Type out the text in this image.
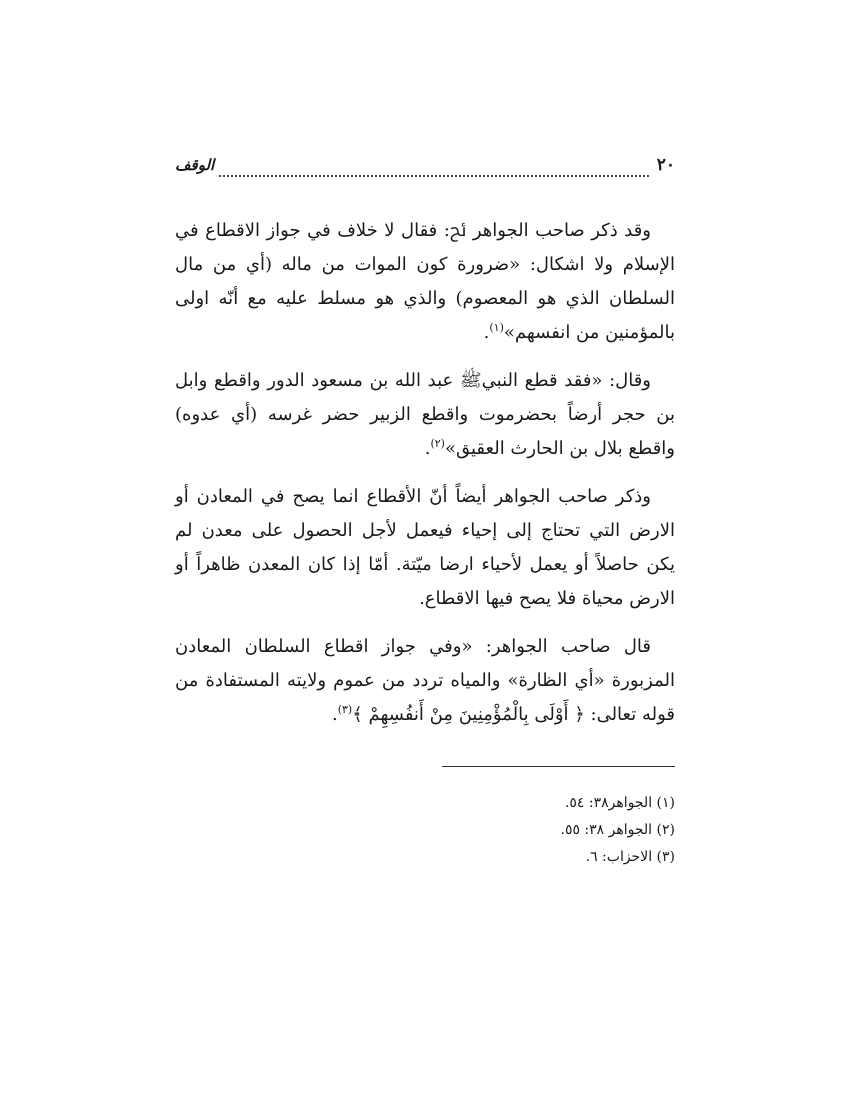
٢٠
الوقف

وقد ذكر صاحب الجواهر ﰁ: فقال لا خلاف في جواز الاقطاع في الإسلام ولا اشكال: «ضرورة كون الموات من ماله (أي من مال السلطان الذي هو المعصوم) والذي هو مسلط عليه مع أنّه اولى بالمؤمنين من انفسهم»$^{(١)}$.

وقال: «فقد قطع النبيﷺ عبد الله بن مسعود الدور واقطع وابل بن حجر أرضاً بحضرموت واقطع الزبير حضر غرسه (أي عدوه) واقطع بلال بن الحارث العقيق»$^{(٢)}$.

وذكر صاحب الجواهر أيضاً أنّ الأقطاع انما يصح في المعادن أو الارض التي تحتاج إلى إحياء فيعمل لأجل الحصول على معدن لم يكن حاصلاً أو يعمل لأحياء ارضا ميّتة. أمّا إذا كان المعدن ظاهراً أو الارض محياة فلا يصح فيها الاقطاع.

قال صاحب الجواهر: «وفي جواز اقطاع السلطان المعادن المزبورة «أي الظارة» والمياه تردد من عموم ولايته المستفادة من قوله تعالى: ﴿ أَوْلَى بِالْمُؤْمِنِينَ مِنْ أَنفُسِهِمْ ﴾$^{(٣)}$.

(١) الجواهر٣٨: ٥٤.
(٢) الجواهر ٣٨: ٥٥.
(٣) الاحزاب: ٦.
